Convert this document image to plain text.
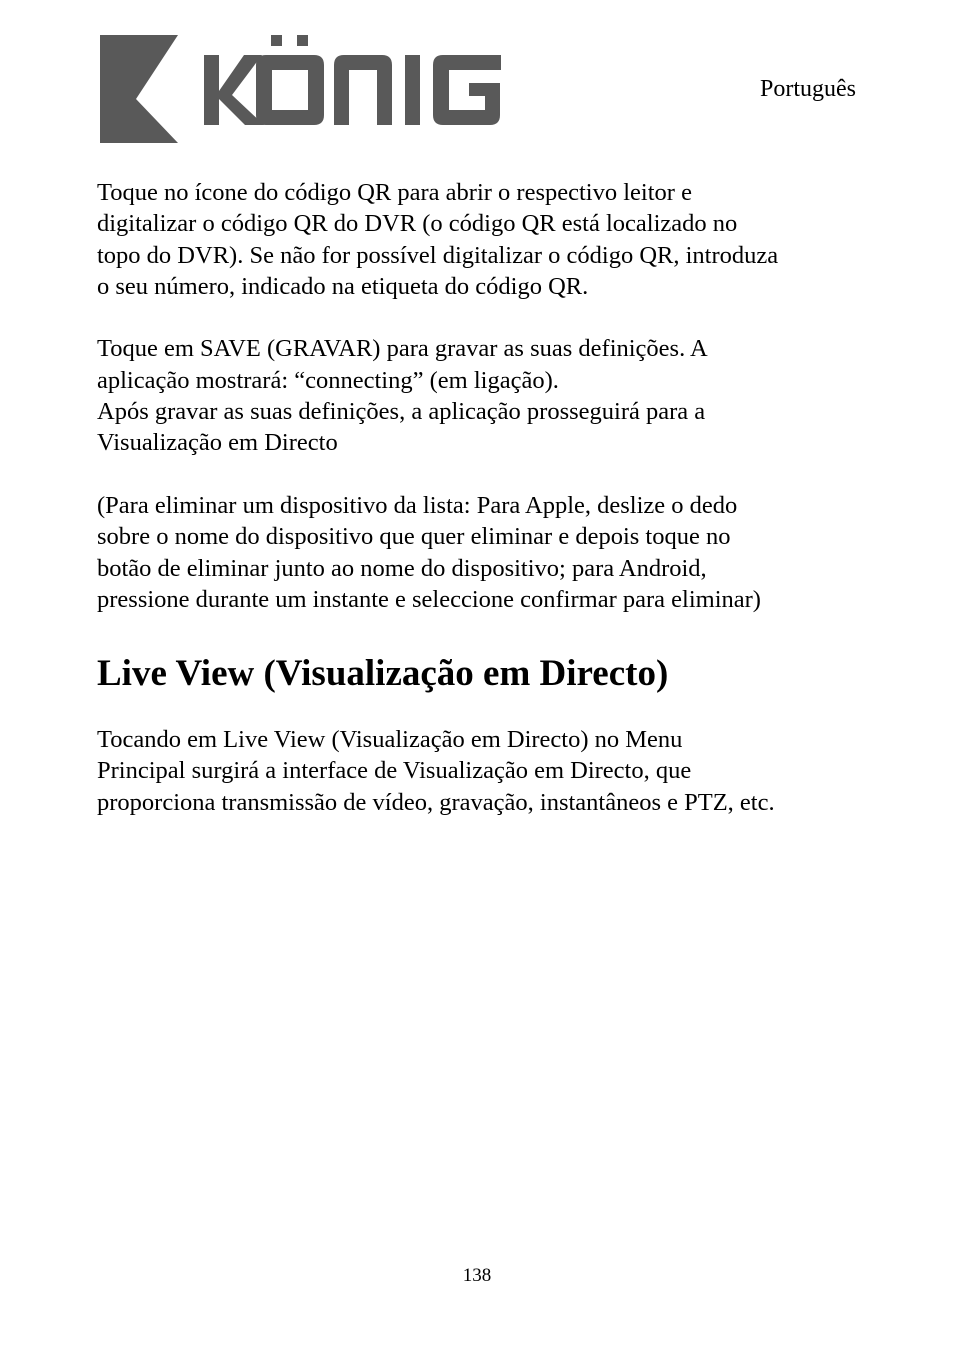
Português

Toque no ícone do código QR para abrir o respectivo leitor e
digitalizar o código QR do DVR (o código QR está localizado no
topo do DVR). Se não for possível digitalizar o código QR, introduza
o seu número, indicado na etiqueta do código QR.

Toque em SAVE (GRAVAR) para gravar as suas definições. A
aplicação mostrará: “connecting” (em ligação).
Após gravar as suas definições, a aplicação prosseguirá para a
Visualização em Directo

(Para eliminar um dispositivo da lista: Para Apple, deslize o dedo
sobre o nome do dispositivo que quer eliminar e depois toque no
botão de eliminar junto ao nome do dispositivo; para Android,
pressione durante um instante e seleccione confirmar para eliminar)

Live View (Visualização em Directo)

Tocando em Live View (Visualização em Directo) no Menu
Principal surgirá a interface de Visualização em Directo, que
proporciona transmissão de vídeo, gravação, instantâneos e PTZ, etc.

138
